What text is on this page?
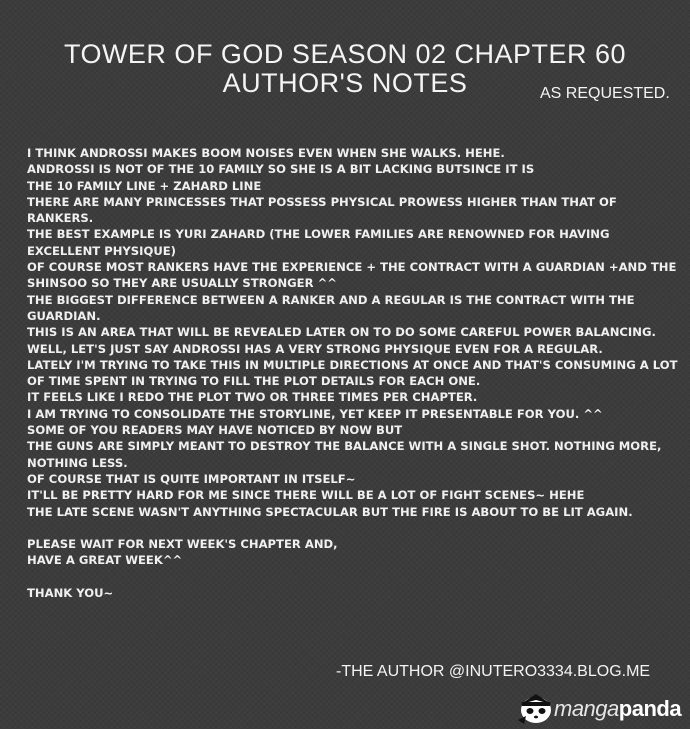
TOWER OF GOD SEASON 02 CHAPTER 60
AUTHOR'S NOTES	AS REQUESTED.
I THINK ANDROSSI MAKES BOOM NOISES EVEN WHEN SHE WALKS. HEHE.
ANDROSSI IS NOT OF THE 10 FAMILY SO SHE IS A BIT LACKING BUTSINCE IT IS
THE 10 FAMILY LINE + ZAHARD LINE
THERE ARE MANY PRINCESSES THAT POSSESS PHYSICAL PROWESS HIGHER THAN THAT OF
RANKERS.
THE BEST EXAMPLE IS YURI ZAHARD (THE LOWER FAMILIES ARE RENOWNED FOR HAVING
EXCELLENT PHYSIQUE)
OF COURSE MOST RANKERS HAVE THE EXPERIENCE + THE CONTRACT WITH A GUARDIAN +AND THE
SHINSOO SO THEY ARE USUALLY STRONGER ^^
THE BIGGEST DIFFERENCE BETWEEN A RANKER AND A REGULAR IS THE CONTRACT WITH THE
GUARDIAN.
THIS IS AN AREA THAT WILL BE REVEALED LATER ON TO DO SOME CAREFUL POWER BALANCING.
WELL, LET'S JUST SAY ANDROSSI HAS A VERY STRONG PHYSIQUE EVEN FOR A REGULAR.
LATELY I'M TRYING TO TAKE THIS IN MULTIPLE DIRECTIONS AT ONCE AND THAT'S CONSUMING A LOT
OF TIME SPENT IN TRYING TO FILL THE PLOT DETAILS FOR EACH ONE.
IT FEELS LIKE I REDO THE PLOT TWO OR THREE TIMES PER CHAPTER.
I AM TRYING TO CONSOLIDATE THE STORYLINE, YET KEEP IT PRESENTABLE FOR YOU. ^^
SOME OF YOU READERS MAY HAVE NOTICED BY NOW BUT
THE GUNS ARE SIMPLY MEANT TO DESTROY THE BALANCE WITH A SINGLE SHOT. NOTHING MORE,
NOTHING LESS.
OF COURSE THAT IS QUITE IMPORTANT IN ITSELF~
IT'LL BE PRETTY HARD FOR ME SINCE THERE WILL BE A LOT OF FIGHT SCENES~ HEHE
THE LATE SCENE WASN'T ANYTHING SPECTACULAR BUT THE FIRE IS ABOUT TO BE LIT AGAIN.
PLEASE WAIT FOR NEXT WEEK'S CHAPTER AND,
HAVE A GREAT WEEK^^
THANK YOU~
-THE AUTHOR @INUTERO3334.BLOG.ME
mangapanda
